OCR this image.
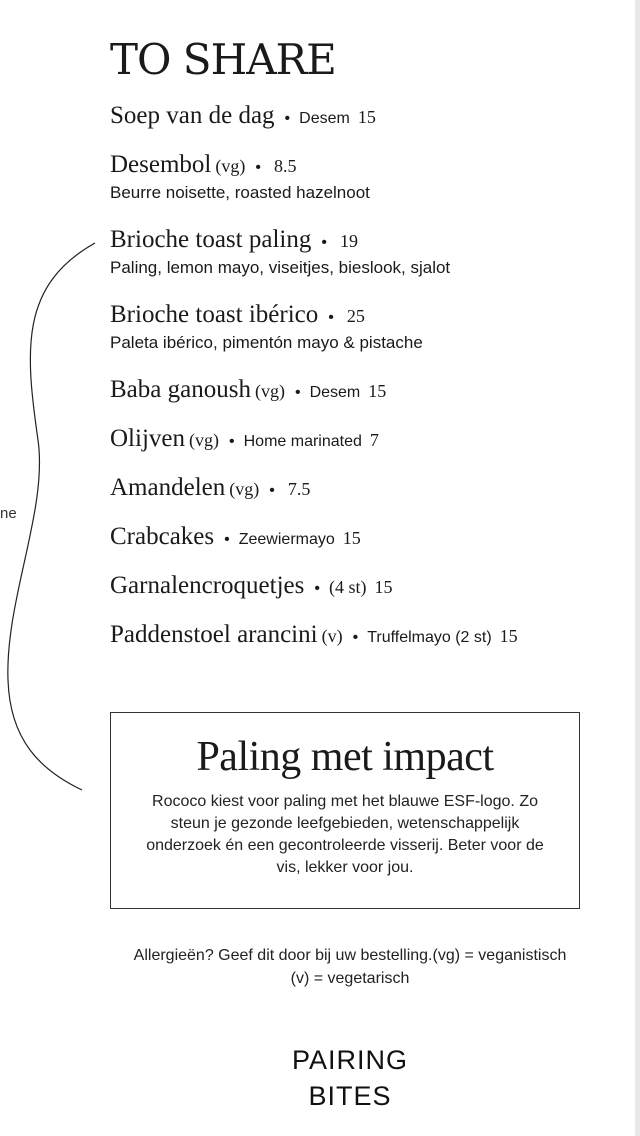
TO SHARE
ne
Soep van de dag • Desem 15
Desembol (vg) • 8.5
Beurre noisette, roasted hazelnoot
Brioche toast paling • 19
Paling, lemon mayo, viseitjes, bieslook, sjalot
Brioche toast ibérico • 25
Paleta ibérico, pimentón mayo & pistache
Baba ganoush (vg) • Desem 15
Olijven (vg) • Home marinated 7
Amandelen (vg) • 7.5
Crabcakes • Zeewiermayo 15
Garnalencroquetjes • (4 st) 15
Paddenstoel arancini (v) • Truffelmayo (2 st) 15
Paling met impact

Rococo kiest voor paling met het blauwe ESF-logo. Zo steun je gezonde leefgebieden, wetenschappelijk onderzoek én een gecontroleerde visserij. Beter voor de vis, lekker voor jou.

Allergieën? Geef dit door bij uw bestelling.(vg) = veganistisch (v) = vegetarisch

PAIRING
BITES
